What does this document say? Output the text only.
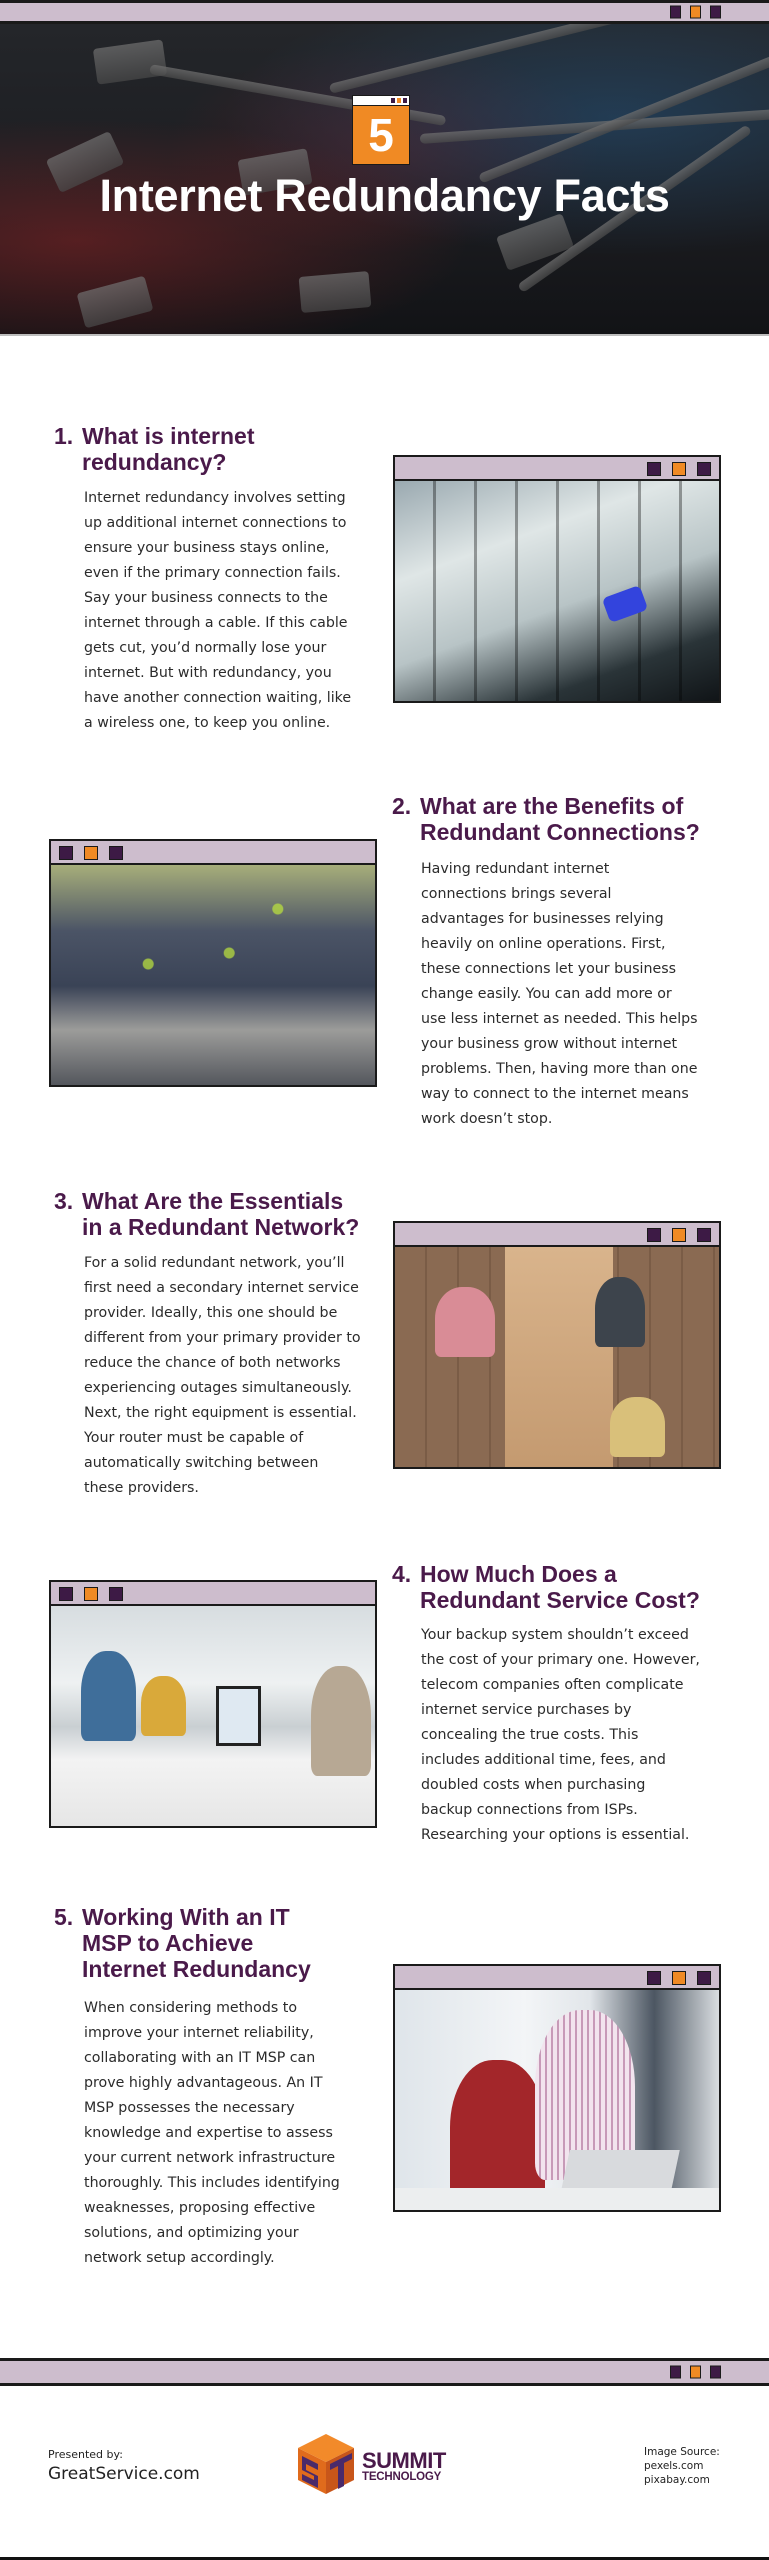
5
Internet Redundancy Facts
1. What is internet
redundancy?
Internet redundancy involves setting
up additional internet connections to
ensure your business stays online,
even if the primary connection fails.
Say your business connects to the
internet through a cable. If this cable
gets cut, you’d normally lose your
internet. But with redundancy, you
have another connection waiting, like
a wireless one, to keep you online.
2. What are the Benefits of
Redundant Connections?
Having redundant internet
connections brings several
advantages for businesses relying
heavily on online operations. First,
these connections let your business
change easily. You can add more or
use less internet as needed. This helps
your business grow without internet
problems. Then, having more than one
way to connect to the internet means
work doesn’t stop.
3. What Are the Essentials
in a Redundant Network?
For a solid redundant network, you’ll
first need a secondary internet service
provider. Ideally, this one should be
different from your primary provider to
reduce the chance of both networks
experiencing outages simultaneously.
Next, the right equipment is essential.
Your router must be capable of
automatically switching between
these providers.
4. How Much Does a
Redundant Service Cost?
Your backup system shouldn’t exceed
the cost of your primary one. However,
telecom companies often complicate
internet service purchases by
concealing the true costs. This
includes additional time, fees, and
doubled costs when purchasing
backup connections from ISPs.
Researching your options is essential.
5. Working With an IT
MSP to Achieve
Internet Redundancy
When considering methods to
improve your internet reliability,
collaborating with an IT MSP can
prove highly advantageous. An IT
MSP possesses the necessary
knowledge and expertise to assess
your current network infrastructure
thoroughly. This includes identifying
weaknesses, proposing effective
solutions, and optimizing your
network setup accordingly.
Presented by:
GreatService.com
SUMMIT
TECHNOLOGY
Image Source:
pexels.com
pixabay.com
